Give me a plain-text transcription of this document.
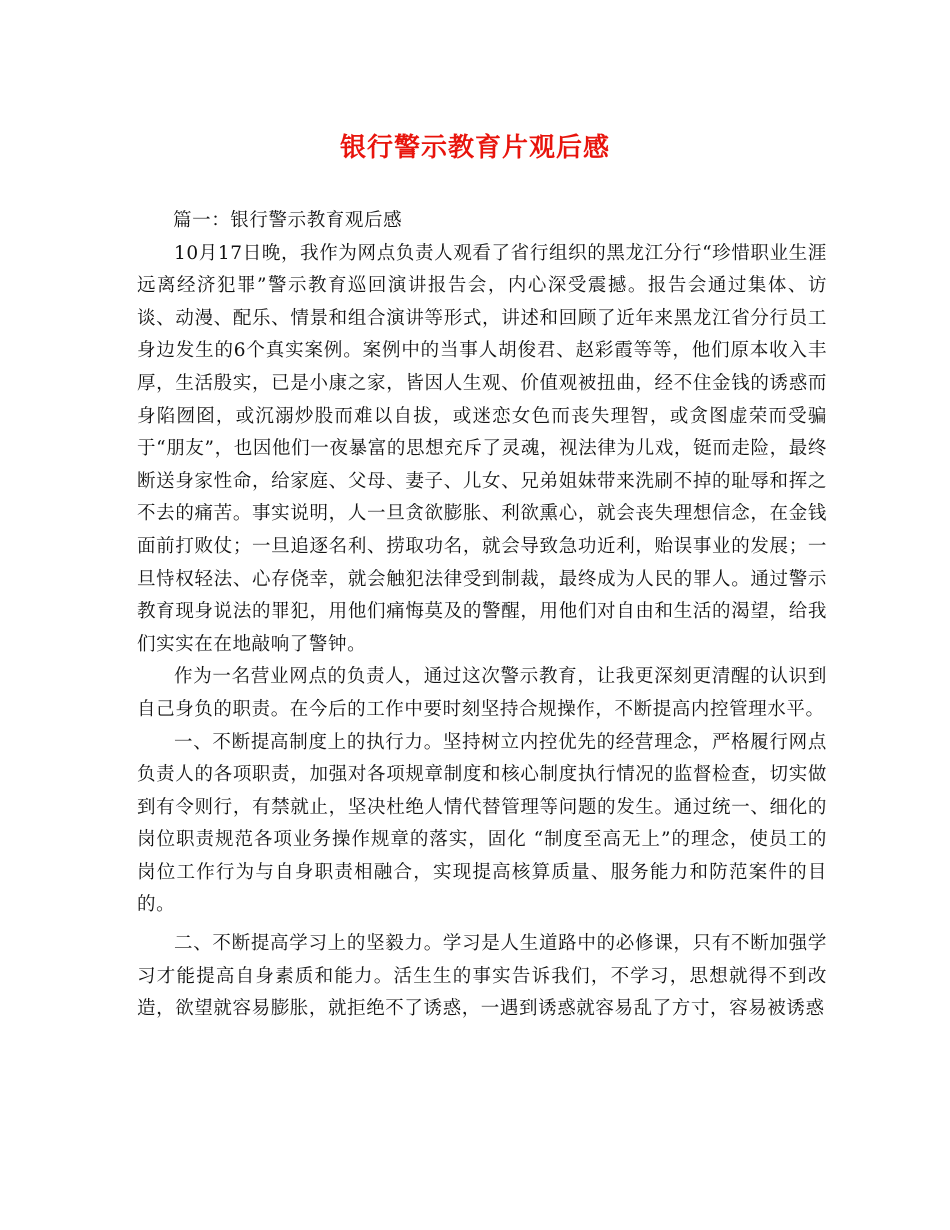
银行警示教育片观后感

篇一：银行警示教育观后感

10月17日晚，我作为网点负责人观看了省行组织的黑龙江分行“珍惜职业生涯远离经济犯罪”警示教育巡回演讲报告会，内心深受震撼。报告会通过集体、访谈、动漫、配乐、情景和组合演讲等形式，讲述和回顾了近年来黑龙江省分行员工身边发生的6个真实案例。案例中的当事人胡俊君、赵彩霞等等，他们原本收入丰厚，生活殷实，已是小康之家，皆因人生观、价值观被扭曲，经不住金钱的诱惑而身陷囫囵，或沉溺炒股而难以自拔，或迷恋女色而丧失理智，或贪图虚荣而受骗于“朋友”，也因他们一夜暴富的思想充斥了灵魂，视法律为儿戏，铤而走险，最终断送身家性命，给家庭、父母、妻子、儿女、兄弟姐妹带来洗刷不掉的耻辱和挥之不去的痛苦。事实说明，人一旦贪欲膨胀、利欲熏心，就会丧失理想信念，在金钱面前打败仗；一旦追逐名利、捞取功名，就会导致急功近利，贻误事业的发展；一旦恃权轻法、心存侥幸，就会触犯法律受到制裁，最终成为人民的罪人。通过警示教育现身说法的罪犯，用他们痛悔莫及的警醒，用他们对自由和生活的渴望，给我们实实在在地敲响了警钟。

作为一名营业网点的负责人，通过这次警示教育，让我更深刻更清醒的认识到自己身负的职责。在今后的工作中要时刻坚持合规操作，不断提高内控管理水平。

一、不断提高制度上的执行力。坚持树立内控优先的经营理念，严格履行网点负责人的各项职责，加强对各项规章制度和核心制度执行情况的监督检查，切实做到有令则行，有禁就止，坚决杜绝人情代替管理等问题的发生。通过统一、细化的岗位职责规范各项业务操作规章的落实，固化 “制度至高无上”的理念，使员工的岗位工作行为与自身职责相融合，实现提高核算质量、服务能力和防范案件的目的。

二、不断提高学习上的坚毅力。学习是人生道路中的必修课，只有不断加强学习才能提高自身素质和能力。活生生的事实告诉我们，不学习，思想就得不到改造，欲望就容易膨胀，就拒绝不了诱惑，一遇到诱惑就容易乱了方寸，容易被诱惑
